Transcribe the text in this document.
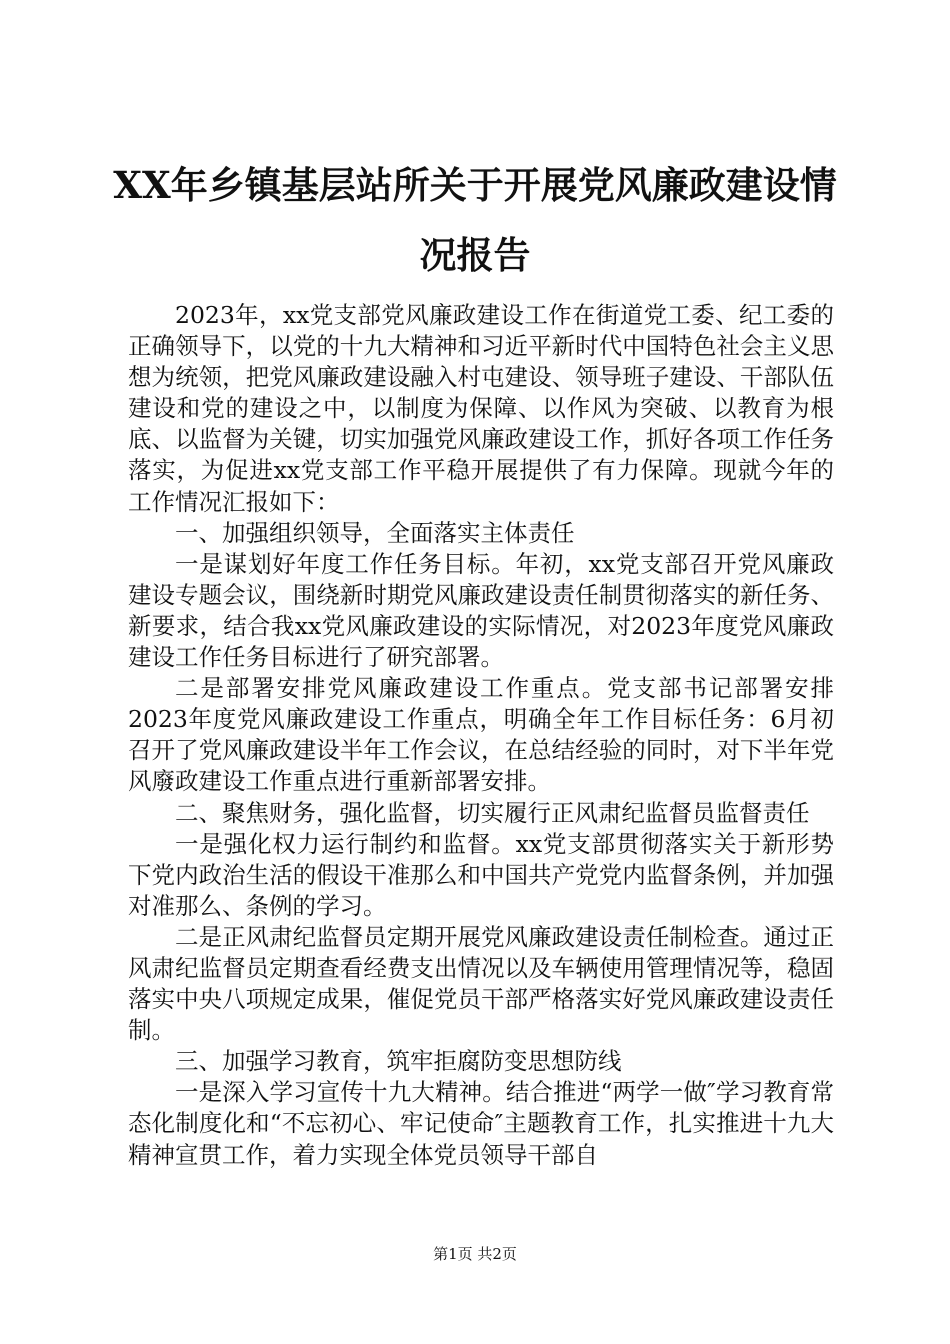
XX年乡镇基层站所关于开展党风廉政建设情况报告

2023年，xx党支部党风廉政建设工作在街道党工委、纪工委的正确领导下，以党的十九大精神和习近平新时代中国特色社会主义思想为统领，把党风廉政建设融入村屯建设、领导班子建设、干部队伍建设和党的建设之中，以制度为保障、以作风为突破、以教育为根底、以监督为关键，切实加强党风廉政建设工作，抓好各项工作任务落实，为促进xx党支部工作平稳开展提供了有力保障。现就今年的工作情况汇报如下：

一、加强组织领导，全面落实主体责任

一是谋划好年度工作任务目标。年初，xx党支部召开党风廉政建设专题会议，围绕新时期党风廉政建设责任制贯彻落实的新任务、新要求，结合我xx党风廉政建设的实际情况，对2023年度党风廉政建设工作任务目标进行了研究部署。

二是部署安排党风廉政建设工作重点。党支部书记部署安排2023年度党风廉政建设工作重点，明确全年工作目标任务：6月初召开了党风廉政建设半年工作会议，在总结经验的同时，对下半年党风廢政建设工作重点进行重新部署安排。

二、聚焦财务，强化监督，切实履行正风肃纪监督员监督责任

一是强化权力运行制约和监督。xx党支部贯彻落实关于新形势下党内政治生活的假设干准那么和中国共产党党内监督条例，并加强对准那么、条例的学习。

二是正风肃纪监督员定期开展党风廉政建设责任制检查。通过正风肃纪监督员定期查看经费支出情况以及车辆使用管理情况等，稳固落实中央八项规定成果，催促党员干部严格落实好党风廉政建设责任制。

三、加强学习教育，筑牢拒腐防变思想防线

一是深入学习宣传十九大精神。结合推进“两学一做″学习教育常态化制度化和“不忘初心、牢记使命″主题教育工作，扎实推进十九大精神宣贯工作，着力实现全体党员领导干部自

第1页 共2页
